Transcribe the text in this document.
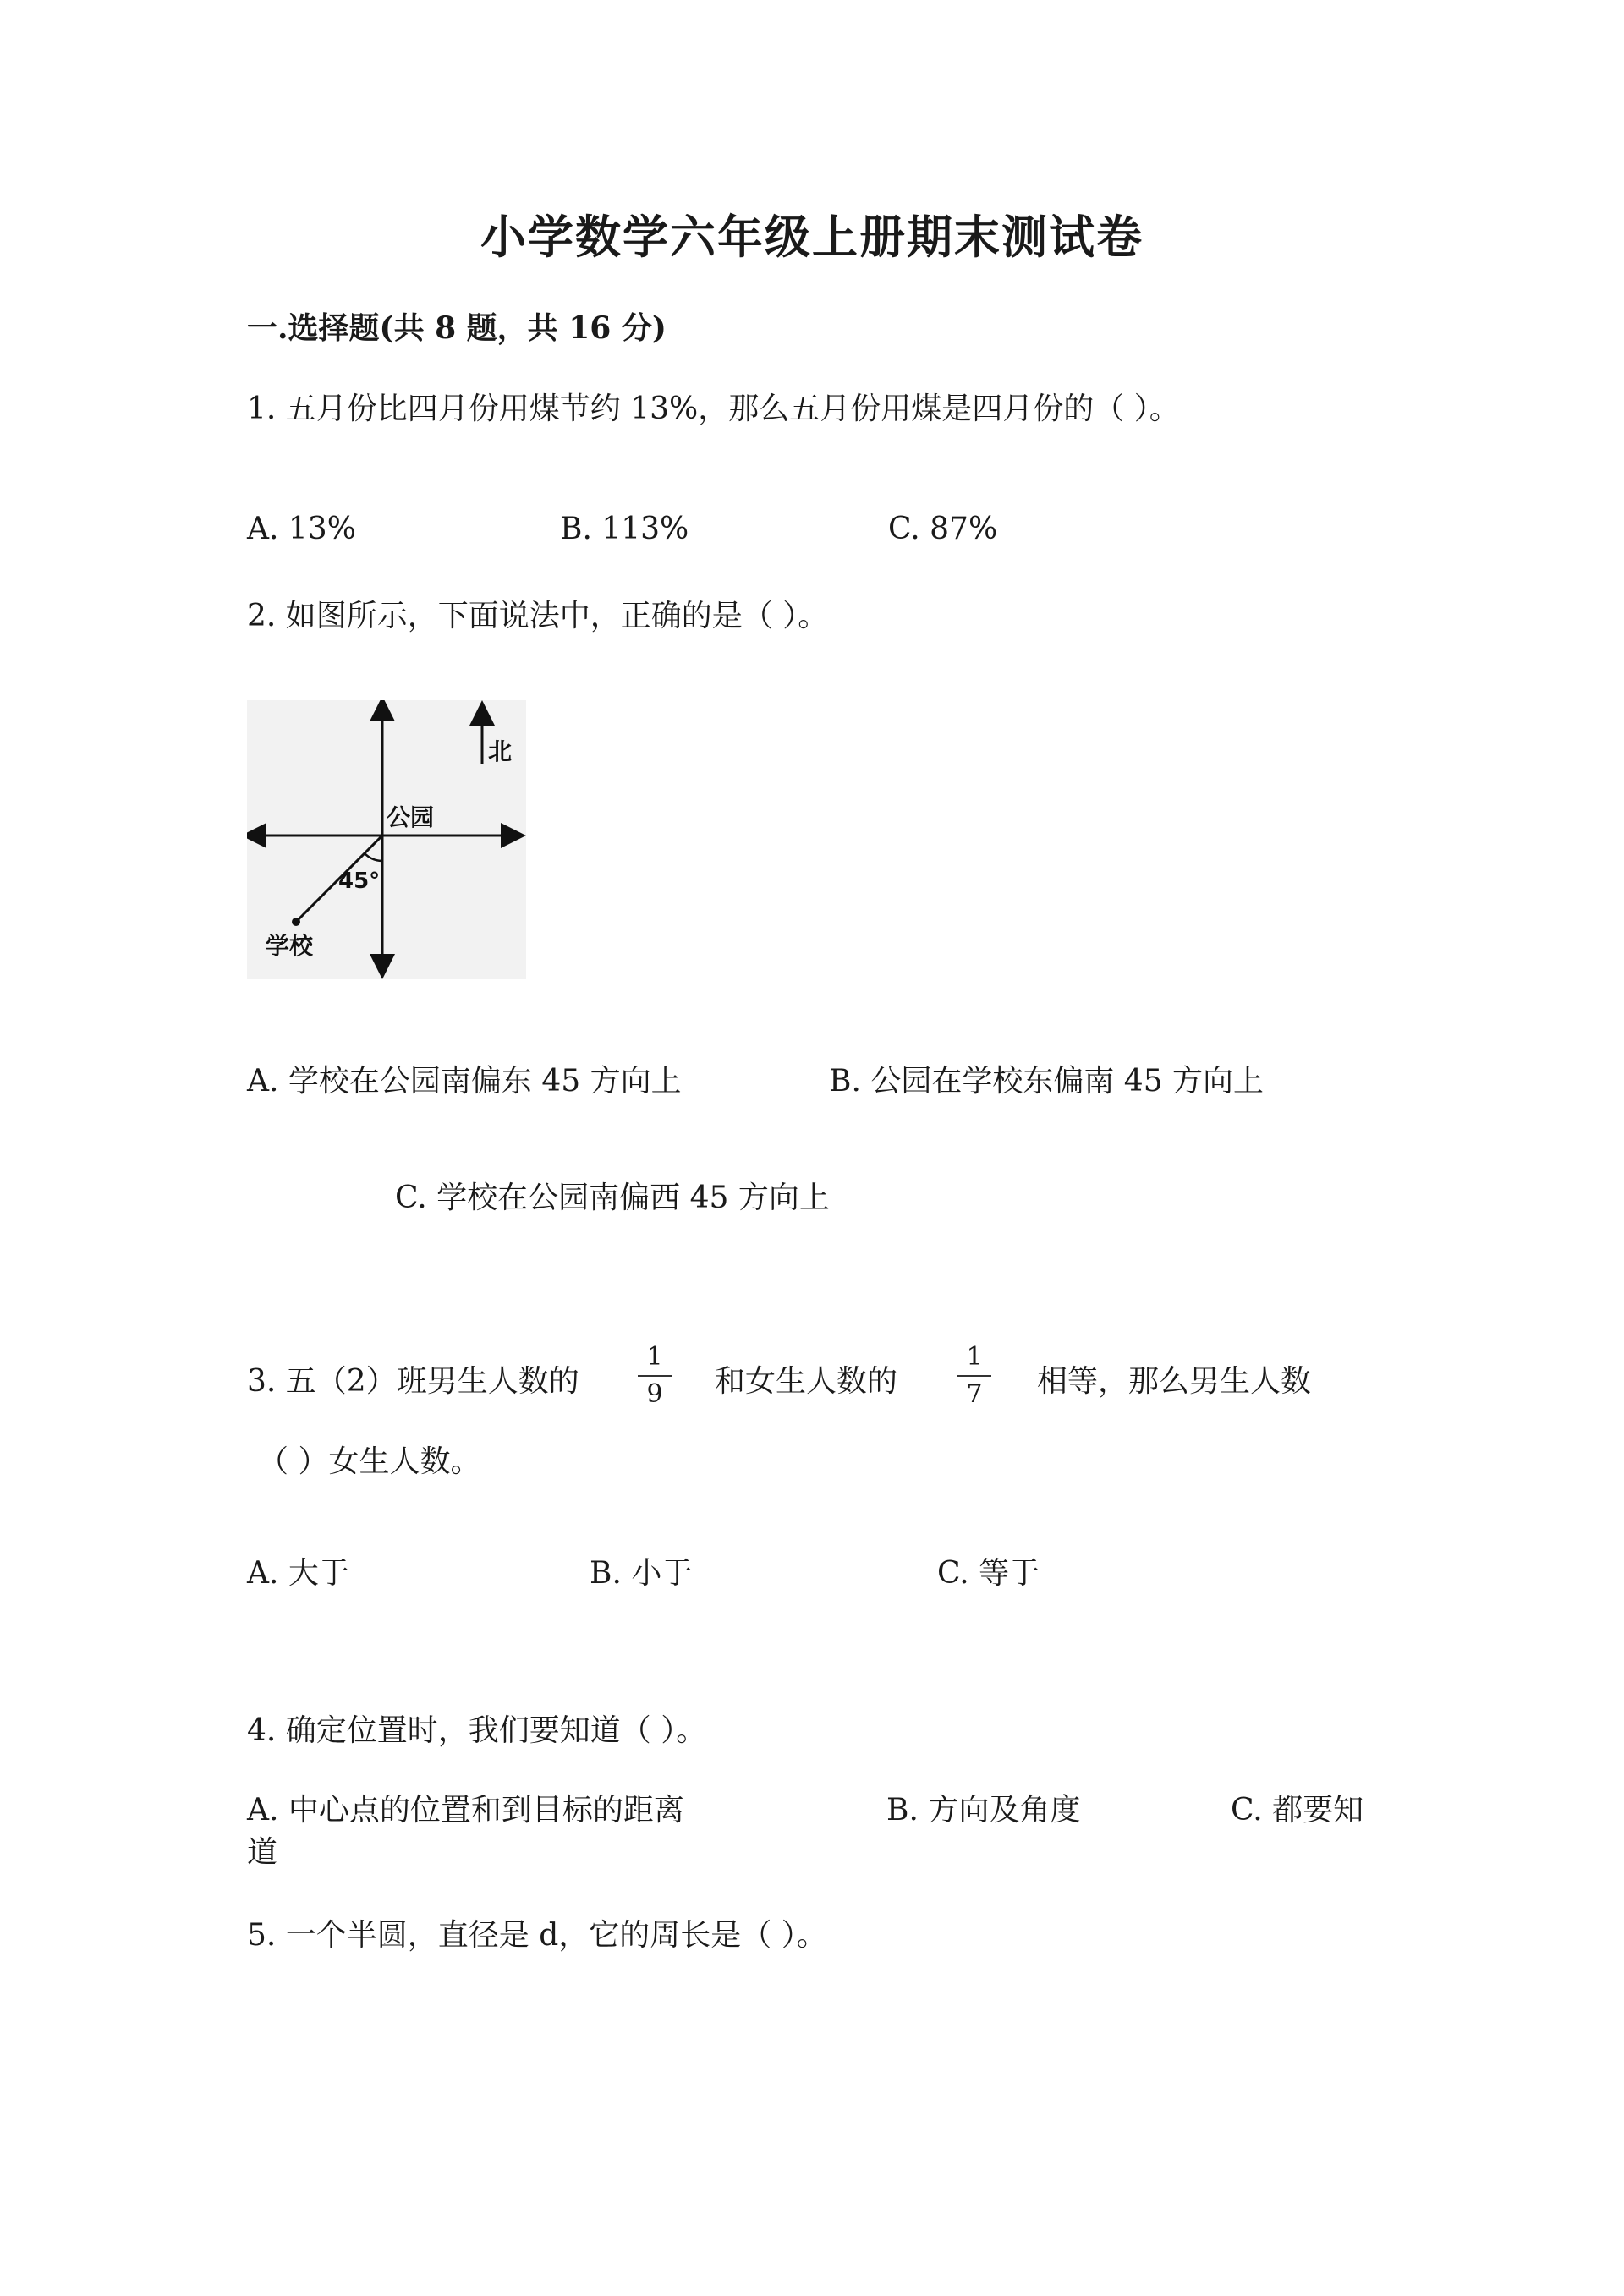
小学数学六年级上册期末测试卷
一.选择题(共 8 题，共 16 分)
1. 五月份比四月份用煤节约 13%，那么五月份用煤是四月份的（ ）。
A. 13%	B. 113%	C. 87%
2. 如图所示，下面说法中，正确的是（ ）。
北
公园
45°
学校
A. 学校在公园南偏东 45 方向上	B. 公园在学校东偏南 45 方向上
C. 学校在公园南偏西 45 方向上
3. 五（2）班男生人数的
1
9 和女生人数的
1
7 相等，那么男生人数
（ ）女生人数。
A. 大于	B. 小于	C. 等于
4. 确定位置时，我们要知道（ ）。
A. 中心点的位置和到目标的距离	B. 方向及角度	C. 都要知
道
5. 一个半圆，直径是 d，它的周长是（ ）。
